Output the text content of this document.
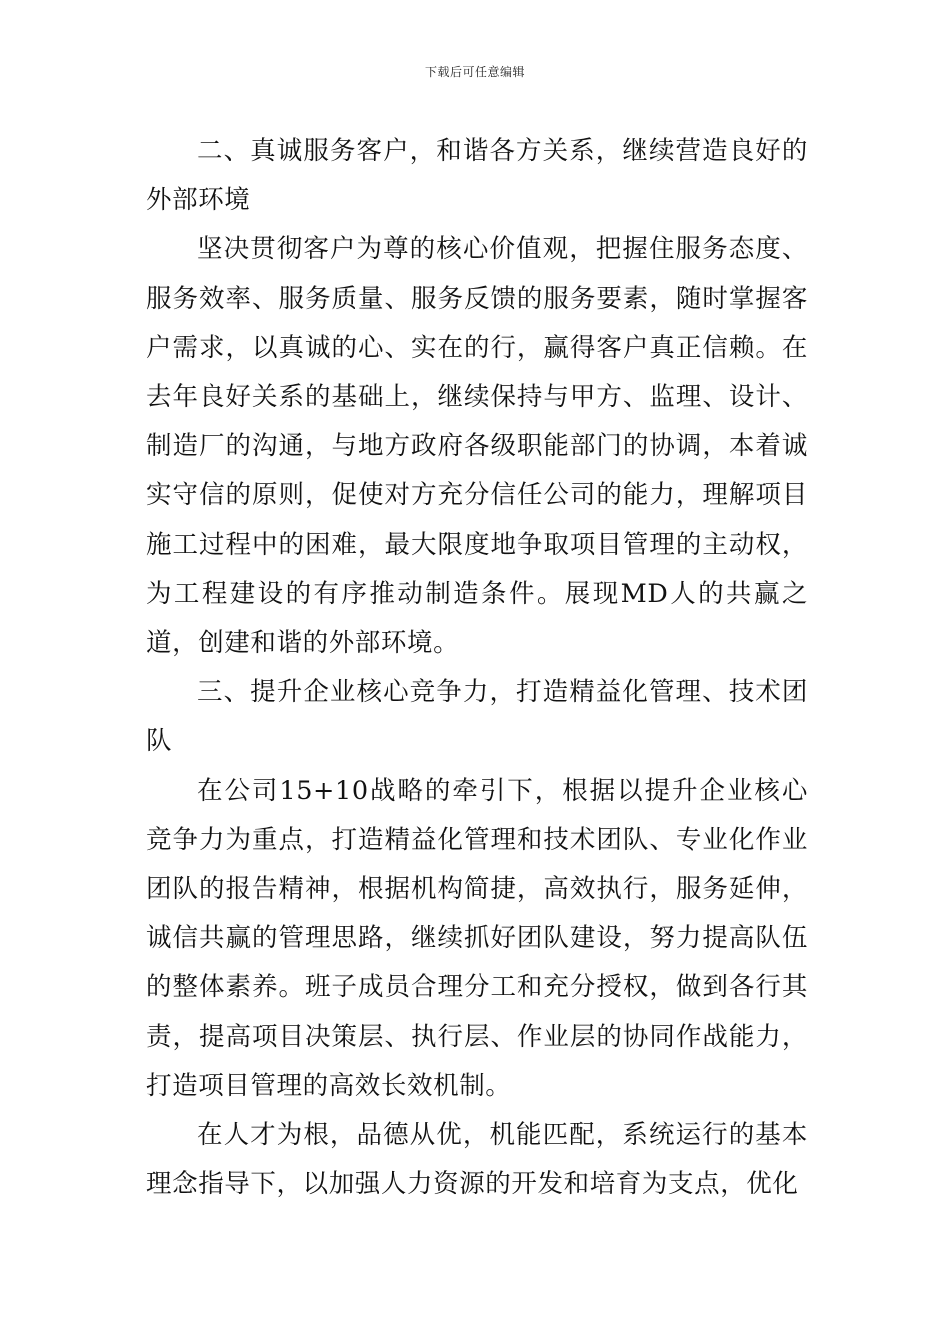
下载后可任意编辑

二、真诚服务客户，和谐各方关系，继续营造良好的外部环境

坚决贯彻客户为尊的核心价值观，把握住服务态度、服务效率、服务质量、服务反馈的服务要素，随时掌握客户需求，以真诚的心、实在的行，赢得客户真正信赖。在去年良好关系的基础上，继续保持与甲方、监理、设计、制造厂的沟通，与地方政府各级职能部门的协调，本着诚实守信的原则，促使对方充分信任公司的能力，理解项目施工过程中的困难，最大限度地争取项目管理的主动权，为工程建设的有序推动制造条件。展现MD人的共赢之道，创建和谐的外部环境。

三、提升企业核心竞争力，打造精益化管理、技术团队

在公司15+10战略的牵引下，根据以提升企业核心竞争力为重点，打造精益化管理和技术团队、专业化作业团队的报告精神，根据机构简捷，高效执行，服务延伸，诚信共赢的管理思路，继续抓好团队建设，努力提高队伍的整体素养。班子成员合理分工和充分授权，做到各行其责，提高项目决策层、执行层、作业层的协同作战能力，打造项目管理的高效长效机制。

在人才为根，品德从优，机能匹配，系统运行的基本理念指导下，以加强人力资源的开发和培育为支点，优化
